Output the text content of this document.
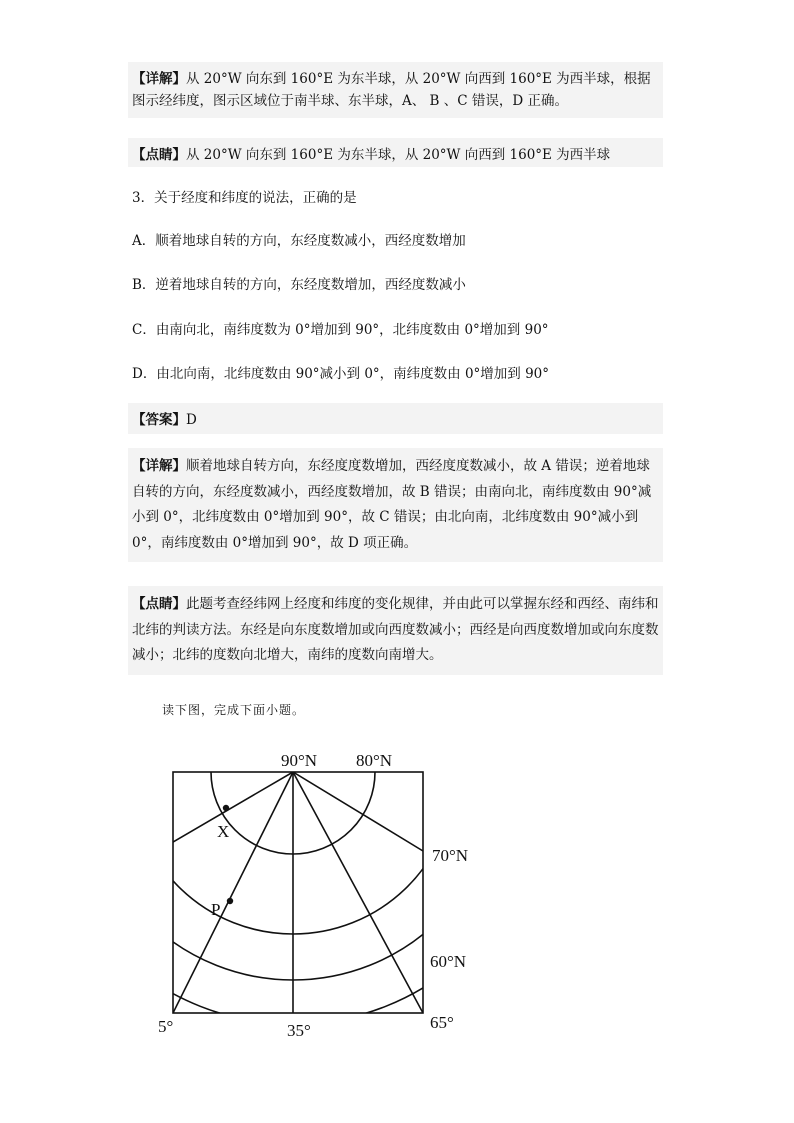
【详解】从 20°W 向东到 160°E 为东半球，从 20°W 向西到 160°E 为西半球，根据图示经纬度，图示区域位于南半球、东半球，A、 B 、C 错误，D 正确。
【点睛】从 20°W 向东到 160°E 为东半球，从 20°W 向西到 160°E 为西半球
3．关于经度和纬度的说法，正确的是
A．顺着地球自转的方向，东经度数减小，西经度数增加
B．逆着地球自转的方向，东经度数增加，西经度数减小
C．由南向北，南纬度数为 0°增加到 90°，北纬度数由 0°增加到 90°
D．由北向南，北纬度数由 90°减小到 0°，南纬度数由 0°增加到 90°
【答案】D
【详解】顺着地球自转方向，东经度度数增加，西经度度数减小，故 A 错误；逆着地球自转的方向，东经度数减小，西经度数增加，故 B 错误；由南向北，南纬度数由 90°减小到 0°，北纬度数由 0°增加到 90°，故 C 错误；由北向南，北纬度数由 90°减小到 0°，南纬度数由 0°增加到 90°，故 D 项正确。
【点睛】此题考查经纬网上经度和纬度的变化规律，并由此可以掌握东经和西经、南纬和北纬的判读方法。东经是向东度数增加或向西度数减小；西经是向西度数增加或向东度数减小；北纬的度数向北增大，南纬的度数向南增大。
读下图，完成下面小题。
90°N 80°N
70°N
60°N
5°	35°	65°
X
P
